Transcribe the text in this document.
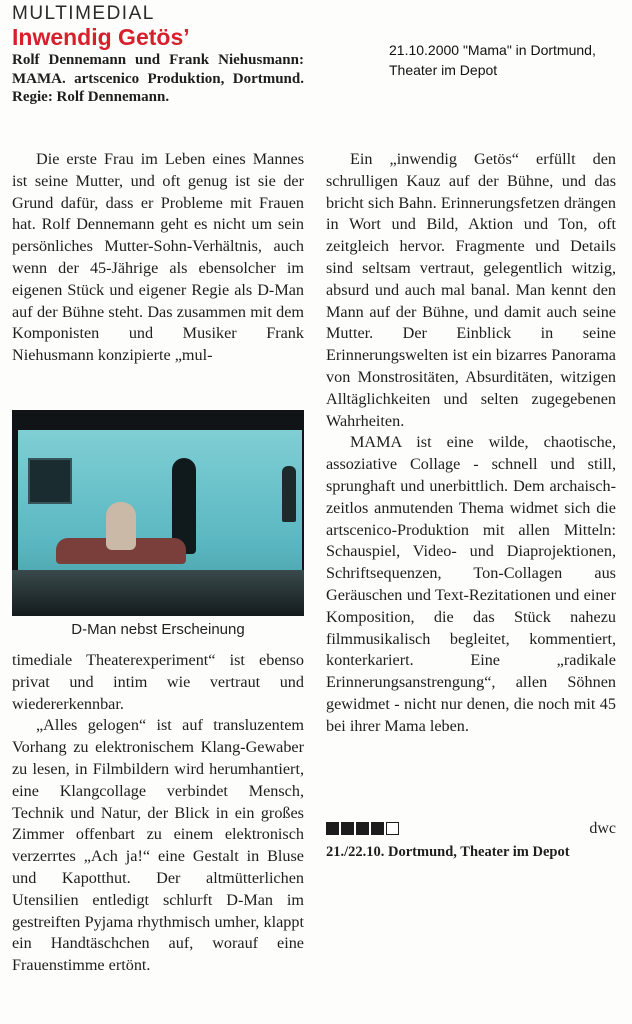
MULTIMEDIAL
Inwendig Getös’
Rolf Dennemann und Frank Niehusmann: MAMA. artscenico Produktion, Dortmund. Regie: Rolf Dennemann.
21.10.2000 "Mama" in Dortmund,
Theater im Depot

Die erste Frau im Leben eines Mannes ist seine Mutter, und oft genug ist sie der Grund dafür, dass er Probleme mit Frauen hat. Rolf Dennemann geht es nicht um sein persönliches Mutter-Sohn-Verhältnis, auch wenn der 45-Jährige als ebensolcher im eigenen Stück und eigener Regie als D-Man auf der Bühne steht. Das zusammen mit dem Komponisten und Musiker Frank Niehusmann konzipierte „mul-

D-Man nebst Erscheinung

timediale Theaterexperiment“ ist ebenso privat und intim wie vertraut und wiedererkennbar.

„Alles gelogen“ ist auf transluzentem Vorhang zu elektronischem Klang-Gewaber zu lesen, in Filmbildern wird herumhantiert, eine Klangcollage verbindet Mensch, Technik und Natur, der Blick in ein großes Zimmer offenbart zu einem elektronisch verzerrtes „Ach ja!“ eine Gestalt in Bluse und Kapotthut. Der altmütterlichen Utensilien entledigt schlurft D-Man im gestreiften Pyjama rhythmisch umher, klappt ein Handtäschchen auf, worauf eine Frauenstimme ertönt.

Ein „inwendig Getös“ erfüllt den schrulligen Kauz auf der Bühne, und das bricht sich Bahn. Erinnerungsfetzen drängen in Wort und Bild, Aktion und Ton, oft zeitgleich hervor. Fragmente und Details sind seltsam vertraut, gelegentlich witzig, absurd und auch mal banal. Man kennt den Mann auf der Bühne, und damit auch seine Mutter. Der Einblick in seine Erinnerungswelten ist ein bizarres Panorama von Monstrositäten, Absurditäten, witzigen Alltäglichkeiten und selten zugegebenen Wahrheiten.

MAMA ist eine wilde, chaotische, assoziative Collage - schnell und still, sprunghaft und unerbittlich. Dem archaisch-zeitlos anmutenden Thema widmet sich die artscenico-Produktion mit allen Mitteln: Schauspiel, Video- und Diaprojektionen, Schriftsequenzen, Ton-Collagen aus Geräuschen und Text-Rezitationen und einer Komposition, die das Stück nahezu filmmusikalisch begleitet, kommentiert, konterkariert. Eine „radikale Erinnerungsanstrengung“, allen Söhnen gewidmet - nicht nur denen, die noch mit 45 bei ihrer Mama leben.

dwc
21./22.10. Dortmund, Theater im Depot
